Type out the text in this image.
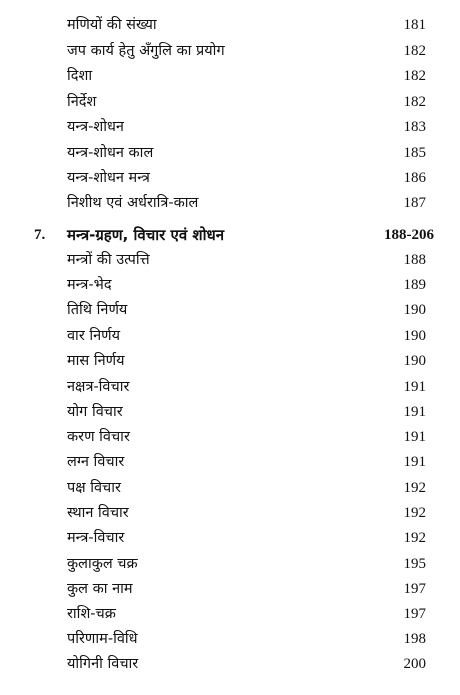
मणियों की संख्या	181
जप कार्य हेतु अँगुलि का प्रयोग	182
दिशा	182
निर्देश	182
यन्त्र-शोधन	183
यन्त्र-शोधन काल	185
यन्त्र-शोधन मन्त्र	186
निशीथ एवं अर्धरात्रि-काल	187
7. मन्त्र-ग्रहण, विचार एवं शोधन	188-206
मन्त्रों की उत्पत्ति	188
मन्त्र-भेद	189
तिथि निर्णय	190
वार निर्णय	190
मास निर्णय	190
नक्षत्र-विचार	191
योग विचार	191
करण विचार	191
लग्न विचार	191
पक्ष विचार	192
स्थान विचार	192
मन्त्र-विचार	192
कुलाकुल चक्र	195
कुल का नाम	197
राशि-चक्र	197
परिणाम-विधि	198
योगिनी विचार	200
